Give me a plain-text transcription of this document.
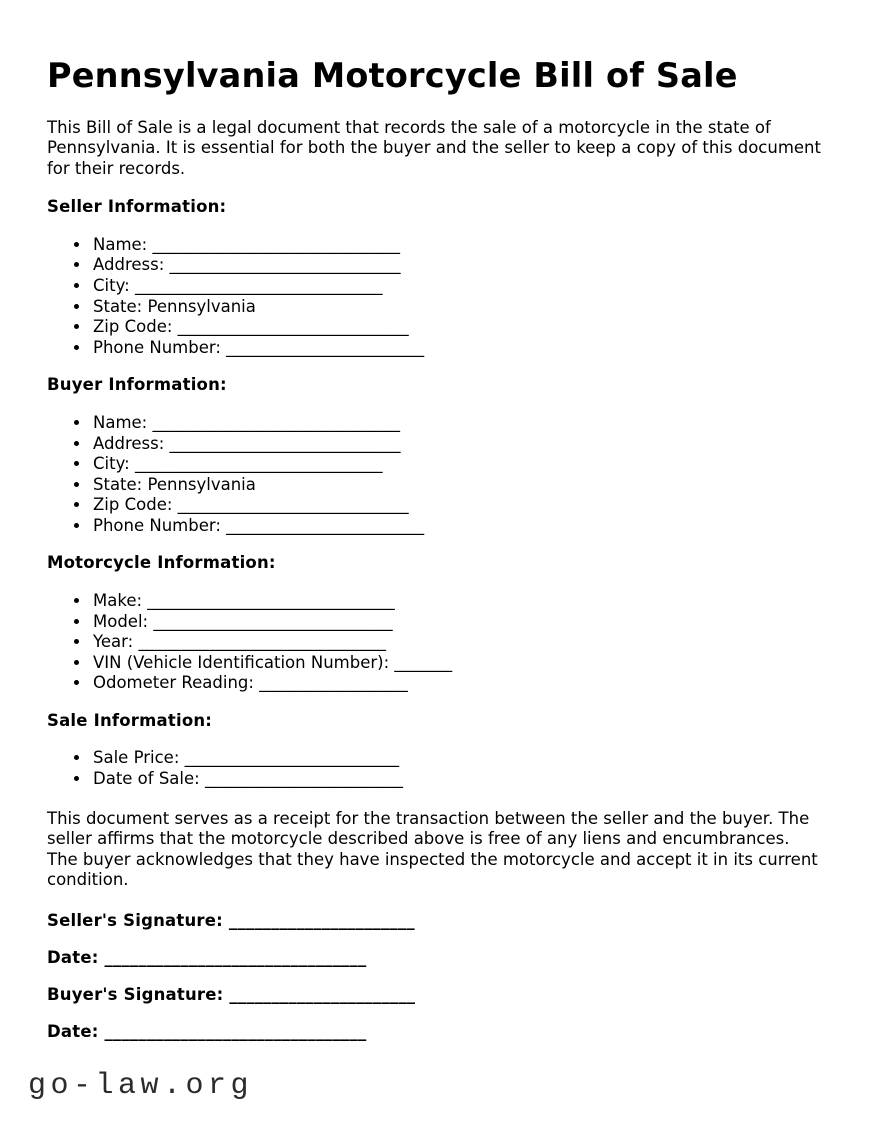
Pennsylvania Motorcycle Bill of Sale

This Bill of Sale is a legal document that records the sale of a motorcycle in the state of Pennsylvania. It is essential for both the buyer and the seller to keep a copy of this document for their records.

Seller Information:
• Name: ______________________________
• Address: ____________________________
• City: ______________________________
• State: Pennsylvania
• Zip Code: ____________________________
• Phone Number: ________________________
Buyer Information:
• Name: ______________________________
• Address: ____________________________
• City: ______________________________
• State: Pennsylvania
• Zip Code: ____________________________
• Phone Number: ________________________
Motorcycle Information:
• Make: ______________________________
• Model: _____________________________
• Year: ______________________________
• VIN (Vehicle Identification Number): _______
• Odometer Reading: __________________
Sale Information:
• Sale Price: __________________________
• Date of Sale: ________________________

This document serves as a receipt for the transaction between the seller and the buyer. The seller affirms that the motorcycle described above is free of any liens and encumbrances. The buyer acknowledges that they have inspected the motorcycle and accept it in its current condition.

Seller's Signature: ______________________

Date: _______________________________

Buyer's Signature: ______________________

Date: _______________________________

go-law.org
